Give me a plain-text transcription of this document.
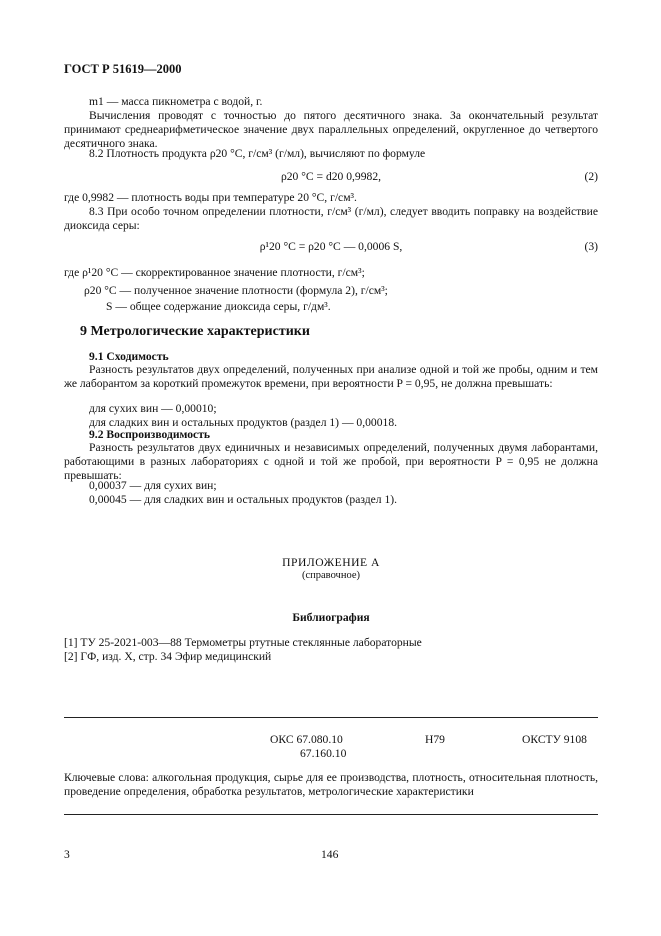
ГОСТ Р 51619—2000
m1 — масса пикнометра с водой, г.
Вычисления проводят с точностью до пятого десятичного знака. За окончательный результат принимают среднеарифметическое значение двух параллельных определений, округленное до четвертого десятичного знака.
8.2 Плотность продукта ρ20 °C, г/см³ (г/мл), вычисляют по формуле
ρ20 °C = d20 0,9982,	(2)
где 0,9982 — плотность воды при температуре 20 °С, г/см³.
8.3 При особо точном определении плотности, г/см³ (г/мл), следует вводить поправку на воздействие диоксида серы:
ρ¹20 °C = ρ20 °C — 0,0006 S,	(3)
где ρ¹20 °C — скорректированное значение плотности, г/см³;
ρ20 °C — полученное значение плотности (формула 2), г/см³;
S — общее содержание диоксида серы, г/дм³.
9 Метрологические характеристики
9.1 Сходимость
Разность результатов двух определений, полученных при анализе одной и той же пробы, одним и тем же лаборантом за короткий промежуток времени, при вероятности P = 0,95, не должна превышать:
для сухих вин — 0,00010;
для сладких вин и остальных продуктов (раздел 1) — 0,00018.
9.2 Воспроизводимость
Разность результатов двух единичных и независимых определений, полученных двумя лаборантами, работающими в разных лабораториях с одной и той же пробой, при вероятности P = 0,95 не должна превышать:
0,00037 — для сухих вин;
0,00045 — для сладких вин и остальных продуктов (раздел 1).
ПРИЛОЖЕНИЕ А
(справочное)
Библиография
[1] ТУ 25-2021-003—88 Термометры ртутные стеклянные лабораторные
[2] ГФ, изд. X, стр. 34 Эфир медицинский
ОКС 67.080.10
67.160.10
Н79	ОКСТУ 9108
Ключевые слова: алкогольная продукция, сырье для ее производства, плотность, относительная плотность, проведение определения, обработка результатов, метрологические характеристики
3	146
